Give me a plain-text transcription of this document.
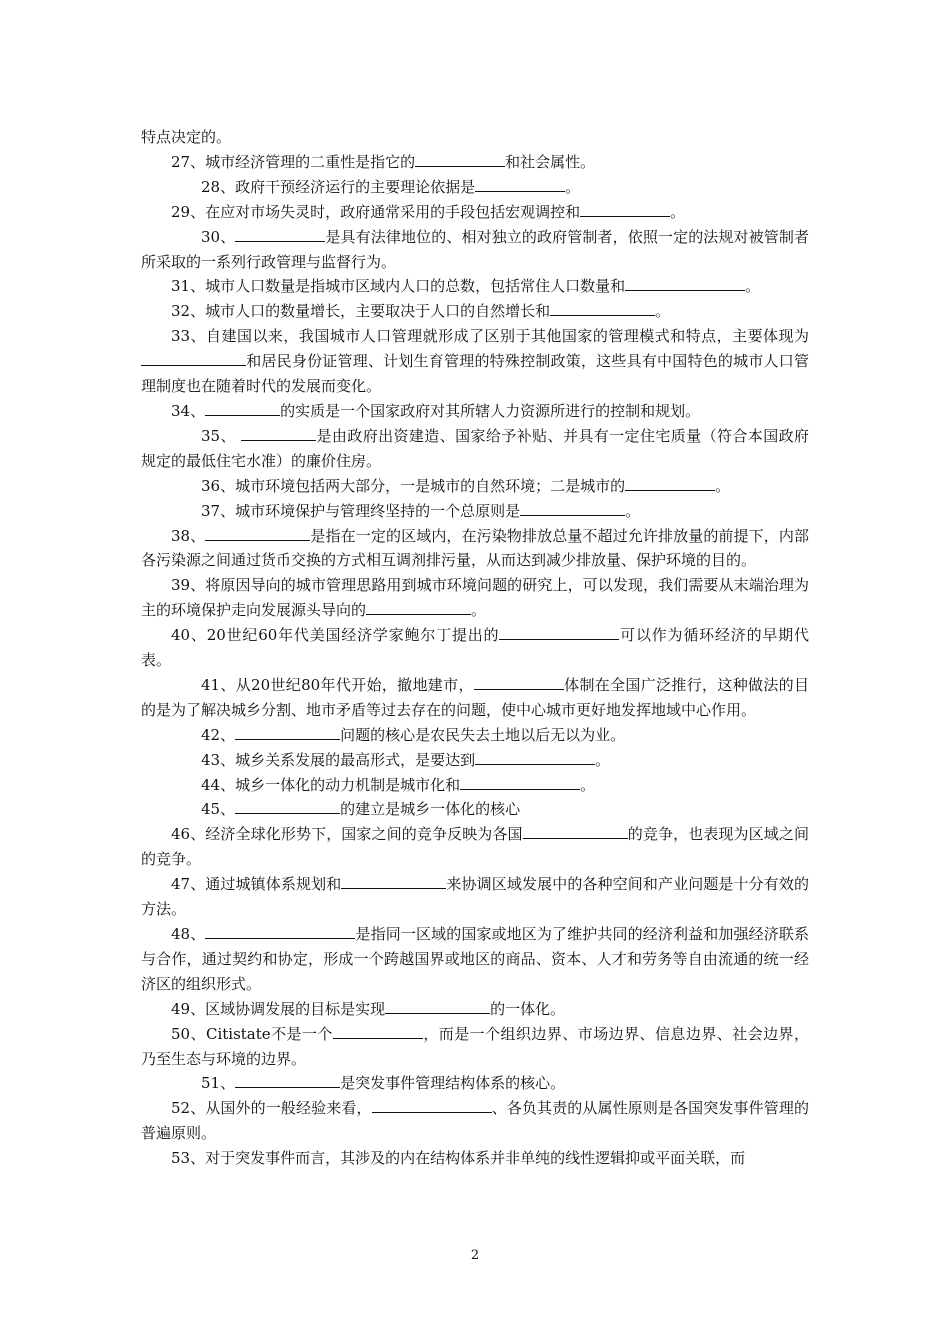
特点决定的。

27、城市经济管理的二重性是指它的	和社会属性。

28、政府干预经济运行的主要理论依据是	。

29、在应对市场失灵时，政府通常采用的手段包括宏观调控和	。

30、	是具有法律地位的、相对独立的政府管制者，依照一定的法规对被管制者所采取的一系列行政管理与监督行为。

31、城市人口数量是指城市区域内人口的总数，包括常住人口数量和	。

32、城市人口的数量增长，主要取决于人口的自然增长和	。

33、自建国以来，我国城市人口管理就形成了区别于其他国家的管理模式和特点，主要体现为和居民身份证管理、计划生育管理的特殊控制政策，这些具有中国特色的城市人口管理制度也在随着时代的发展而变化。

34、	的实质是一个国家政府对其所辖人力资源所进行的控制和规划。

35、	是由政府出资建造、国家给予补贴、并具有一定住宅质量（符合本国政府规定的最低住宅水准）的廉价住房。

36、城市环境包括两大部分，一是城市的自然环境；二是城市的	。

37、城市环境保护与管理终坚持的一个总原则是	。

38、	是指在一定的区域内，在污染物排放总量不超过允许排放量的前提下，内部各污染源之间通过货币交换的方式相互调剂排污量，从而达到减少排放量、保护环境的目的。

39、将原因导向的城市管理思路用到城市环境问题的研究上，可以发现，我们需要从末端治理为主的环境保护走向发展源头导向的	。

40、20世纪60年代美国经济学家鲍尔丁提出的	可以作为循环经济的早期代表。

41、从20世纪80年代开始，撤地建市，	体制在全国广泛推行，这种做法的目的是为了解决城乡分割、地市矛盾等过去存在的问题，使中心城市更好地发挥地域中心作用。

42、	问题的核心是农民失去土地以后无以为业。

43、城乡关系发展的最高形式，是要达到	。

44、城乡一体化的动力机制是城市化和	。

45、	的建立是城乡一体化的核心

46、经济全球化形势下，国家之间的竞争反映为各国	的竞争，也表现为区域之间的竞争。

47、通过城镇体系规划和	来协调区域发展中的各种空间和产业问题是十分有效的方法。

48、	是指同一区域的国家或地区为了维护共同的经济利益和加强经济联系与合作，通过契约和协定，形成一个跨越国界或地区的商品、资本、人才和劳务等自由流通的统一经济区的组织形式。

49、区域协调发展的目标是实现	的一体化。

50、Citistate不是一个	，而是一个组织边界、市场边界、信息边界、社会边界，乃至生态与环境的边界。

51、	是突发事件管理结构体系的核心。

52、从国外的一般经验来看，	、各负其责的从属性原则是各国突发事件管理的普遍原则。

53、对于突发事件而言，其涉及的内在结构体系并非单纯的线性逻辑抑或平面关联，而

2
